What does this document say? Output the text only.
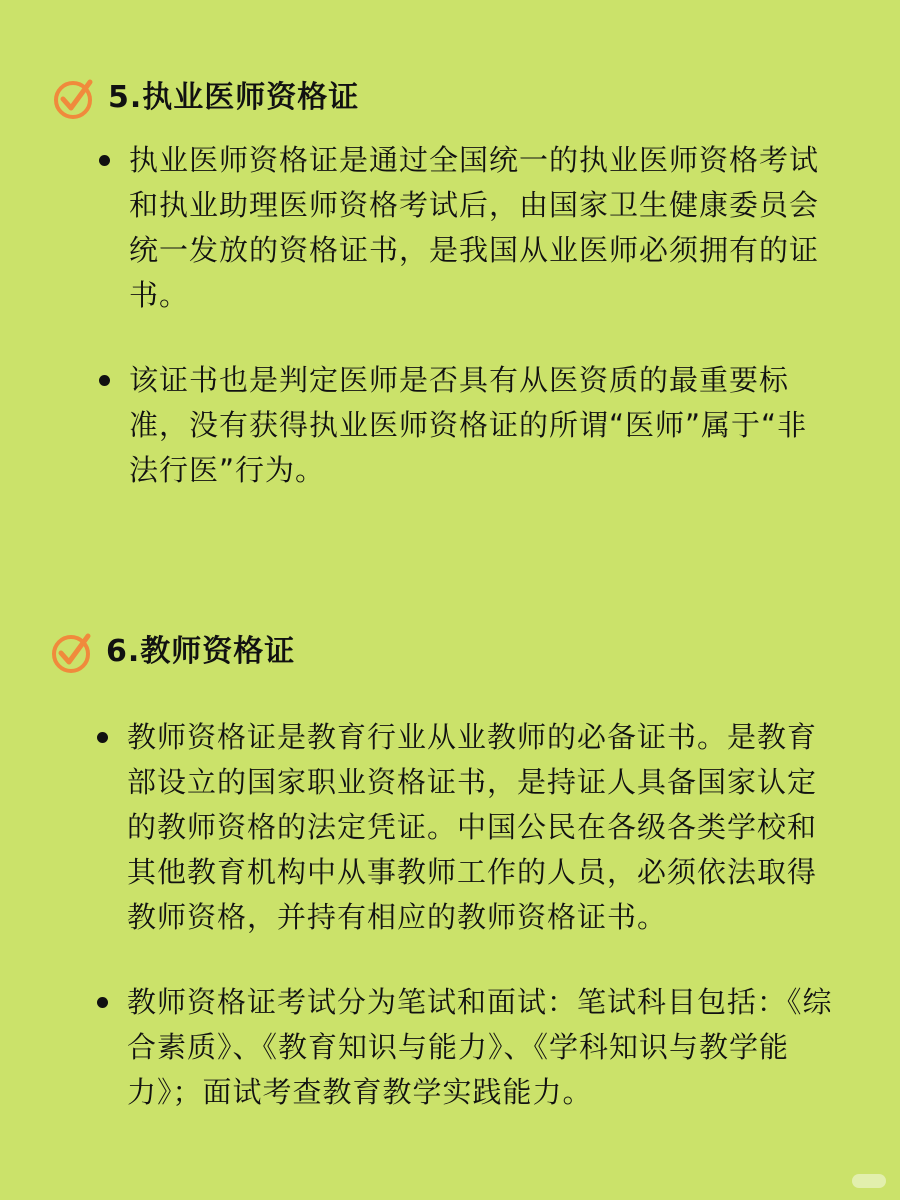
5.执业医师资格证

执业医师资格证是通过全国统一的执业医师资格考试和执业助理医师资格考试后，由国家卫生健康委员会统一发放的资格证书，是我国从业医师必须拥有的证书。

该证书也是判定医师是否具有从医资质的最重要标准，没有获得执业医师资格证的所谓“医师”属于“非法行医”行为。

6.教师资格证

教师资格证是教育行业从业教师的必备证书。是教育部设立的国家职业资格证书，是持证人具备国家认定的教师资格的法定凭证。中国公民在各级各类学校和其他教育机构中从事教师工作的人员，必须依法取得教师资格，并持有相应的教师资格证书。

教师资格证考试分为笔试和面试：笔试科目包括：《综合素质》、《教育知识与能力》、《学科知识与教学能力》；面试考查教育教学实践能力。
